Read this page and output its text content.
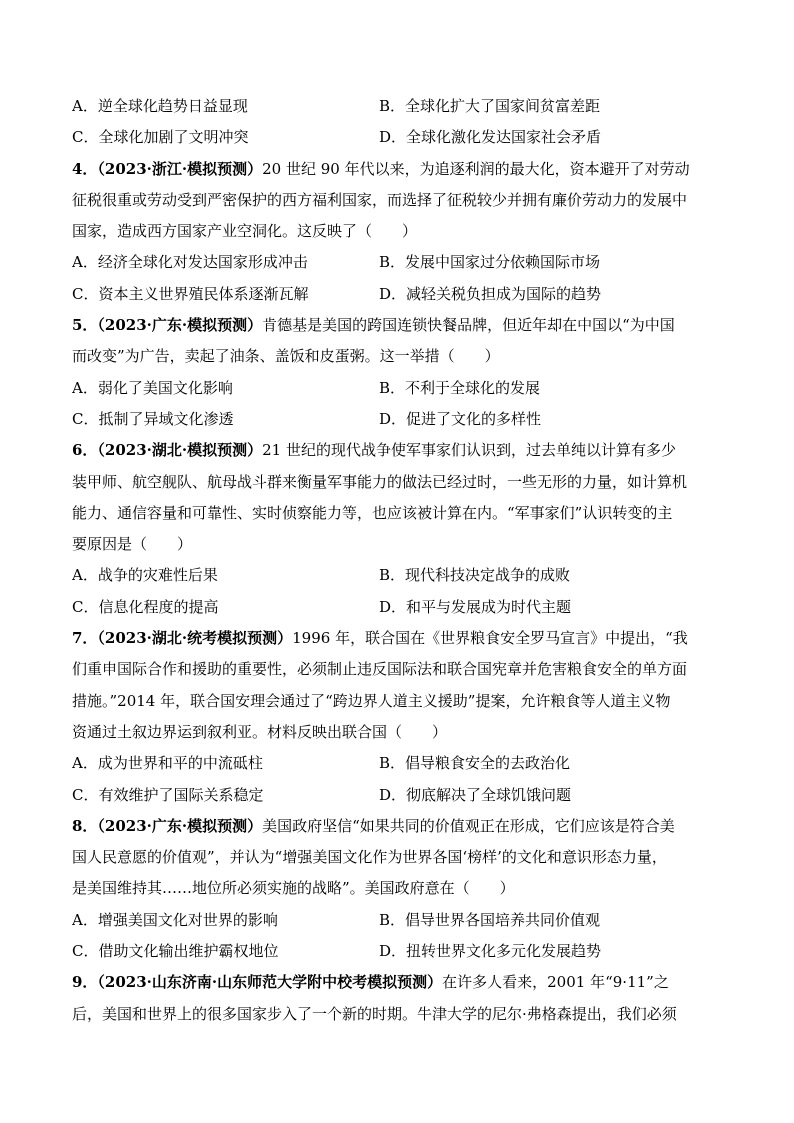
A．逆全球化趋势日益显现	B．全球化扩大了国家间贫富差距
C．全球化加剧了文明冲突	D．全球化激化发达国家社会矛盾
4．（2023·浙江·模拟预测）20 世纪 90 年代以来，为追逐利润的最大化，资本避开了对劳动
征税很重或劳动受到严密保护的西方福利国家，而选择了征税较少并拥有廉价劳动力的发展中
国家，造成西方国家产业空洞化。这反映了（　　）
A．经济全球化对发达国家形成冲击	B．发展中国家过分依赖国际市场
C．资本主义世界殖民体系逐渐瓦解	D．减轻关税负担成为国际的趋势
5．（2023·广东·模拟预测）肯德基是美国的跨国连锁快餐品牌，但近年却在中国以“为中国
而改变”为广告，卖起了油条、盖饭和皮蛋粥。这一举措（　　）
A．弱化了美国文化影响	B．不利于全球化的发展
C．抵制了异域文化渗透	D．促进了文化的多样性
6．（2023·湖北·模拟预测）21 世纪的现代战争使军事家们认识到，过去单纯以计算有多少
装甲师、航空舰队、航母战斗群来衡量军事能力的做法已经过时，一些无形的力量，如计算机
能力、通信容量和可靠性、实时侦察能力等，也应该被计算在内。“军事家们”认识转变的主
要原因是（　　）
A．战争的灾难性后果	B．现代科技决定战争的成败
C．信息化程度的提高	D．和平与发展成为时代主题
7．（2023·湖北·统考模拟预测）1996 年，联合国在《世界粮食安全罗马宣言》中提出，“我
们重申国际合作和援助的重要性，必须制止违反国际法和联合国宪章并危害粮食安全的单方面
措施。”2014 年，联合国安理会通过了“跨边界人道主义援助”提案，允许粮食等人道主义物
资通过土叙边界运到叙利亚。材料反映出联合国（　　）
A．成为世界和平的中流砥柱	B．倡导粮食安全的去政治化
C．有效维护了国际关系稳定	D．彻底解决了全球饥饿问题
8．（2023·广东·模拟预测）美国政府坚信“如果共同的价值观正在形成，它们应该是符合美
国人民意愿的价值观”，并认为“增强美国文化作为世界各国‘榜样’的文化和意识形态力量，
是美国维持其……地位所必须实施的战略”。美国政府意在（　　）
A．增强美国文化对世界的影响	B．倡导世界各国培养共同价值观
C．借助文化输出维护霸权地位	D．扭转世界文化多元化发展趋势
9．（2023·山东济南·山东师范大学附中校考模拟预测）在许多人看来，2001 年“9·11”之
后，美国和世界上的很多国家步入了一个新的时期。牛津大学的尼尔·弗格森提出，我们必须
